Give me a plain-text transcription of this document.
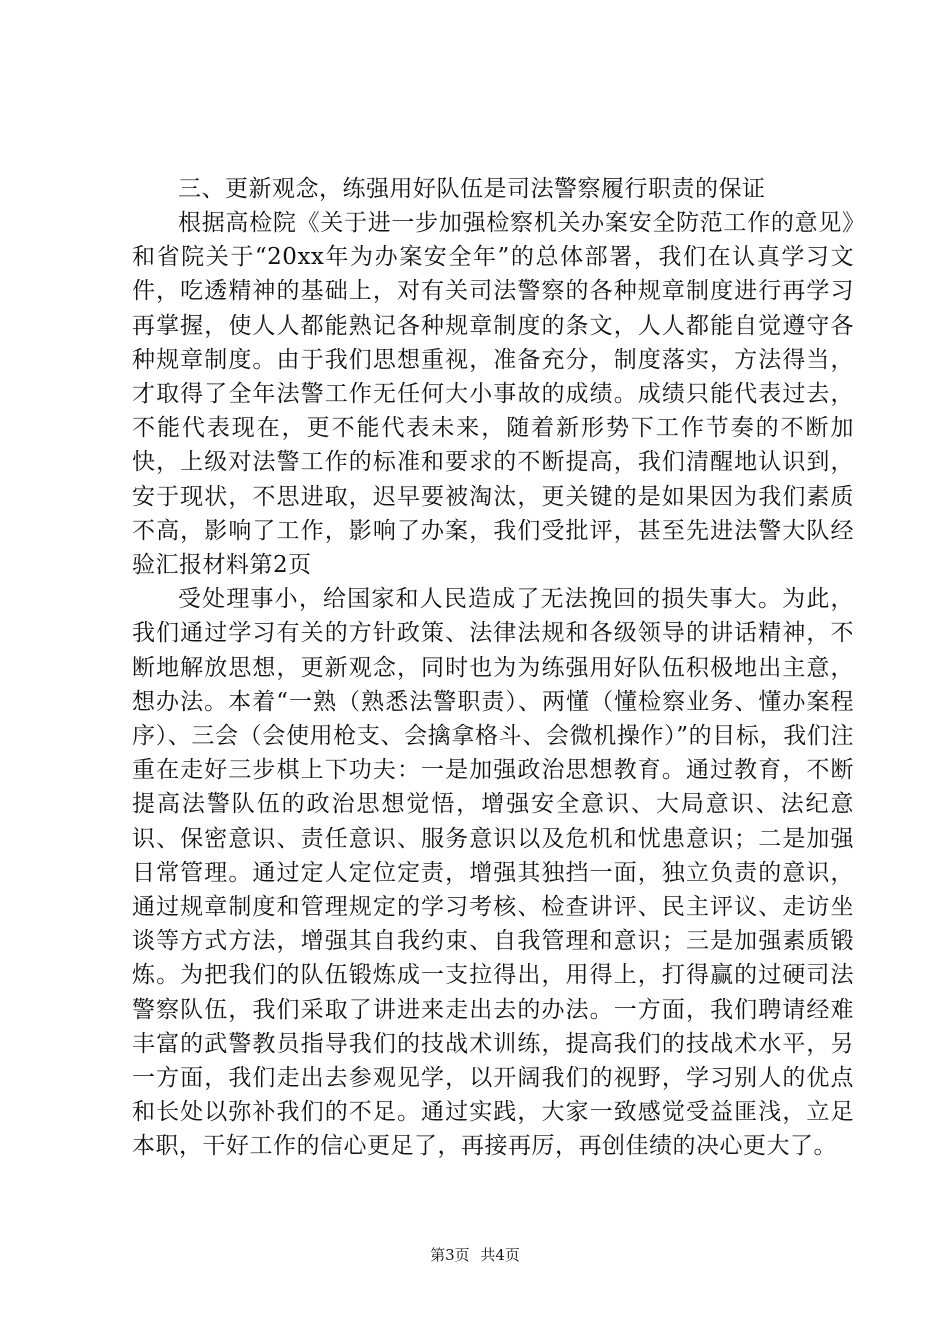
三、更新观念，练强用好队伍是司法警察履行职责的保证

根据高检院《关于进一步加强检察机关办案安全防范工作的意见》和省院关于“20xx年为办案安全年”的总体部署，我们在认真学习文件，吃透精神的基础上，对有关司法警察的各种规章制度进行再学习再掌握，使人人都能熟记各种规章制度的条文，人人都能自觉遵守各种规章制度。由于我们思想重视，准备充分，制度落实，方法得当，才取得了全年法警工作无任何大小事故的成绩。成绩只能代表过去，不能代表现在，更不能代表未来，随着新形势下工作节奏的不断加快，上级对法警工作的标准和要求的不断提高，我们清醒地认识到，安于现状，不思进取，迟早要被淘汰，更关键的是如果因为我们素质不高，影响了工作，影响了办案，我们受批评，甚至先进法警大队经验汇报材料第2页

受处理事小，给国家和人民造成了无法挽回的损失事大。为此，我们通过学习有关的方针政策、法律法规和各级领导的讲话精神，不断地解放思想，更新观念，同时也为为练强用好队伍积极地出主意，想办法。本着“一熟（熟悉法警职责）、两懂（懂检察业务、懂办案程序）、三会（会使用枪支、会擒拿格斗、会微机操作）”的目标，我们注重在走好三步棋上下功夫：一是加强政治思想教育。通过教育，不断提高法警队伍的政治思想觉悟，增强安全意识、大局意识、法纪意识、保密意识、责任意识、服务意识以及危机和忧患意识；二是加强日常管理。通过定人定位定责，增强其独挡一面，独立负责的意识，通过规章制度和管理规定的学习考核、检查讲评、民主评议、走访坐谈等方式方法，增强其自我约束、自我管理和意识；三是加强素质锻炼。为把我们的队伍锻炼成一支拉得出，用得上，打得赢的过硬司法警察队伍，我们采取了讲进来走出去的办法。一方面，我们聘请经难丰富的武警教员指导我们的技战术训练，提高我们的技战术水平，另一方面，我们走出去参观见学，以开阔我们的视野，学习别人的优点和长处以弥补我们的不足。通过实践，大家一致感觉受益匪浅，立足本职，干好工作的信心更足了，再接再厉，再创佳绩的决心更大了。

第3页 共4页
